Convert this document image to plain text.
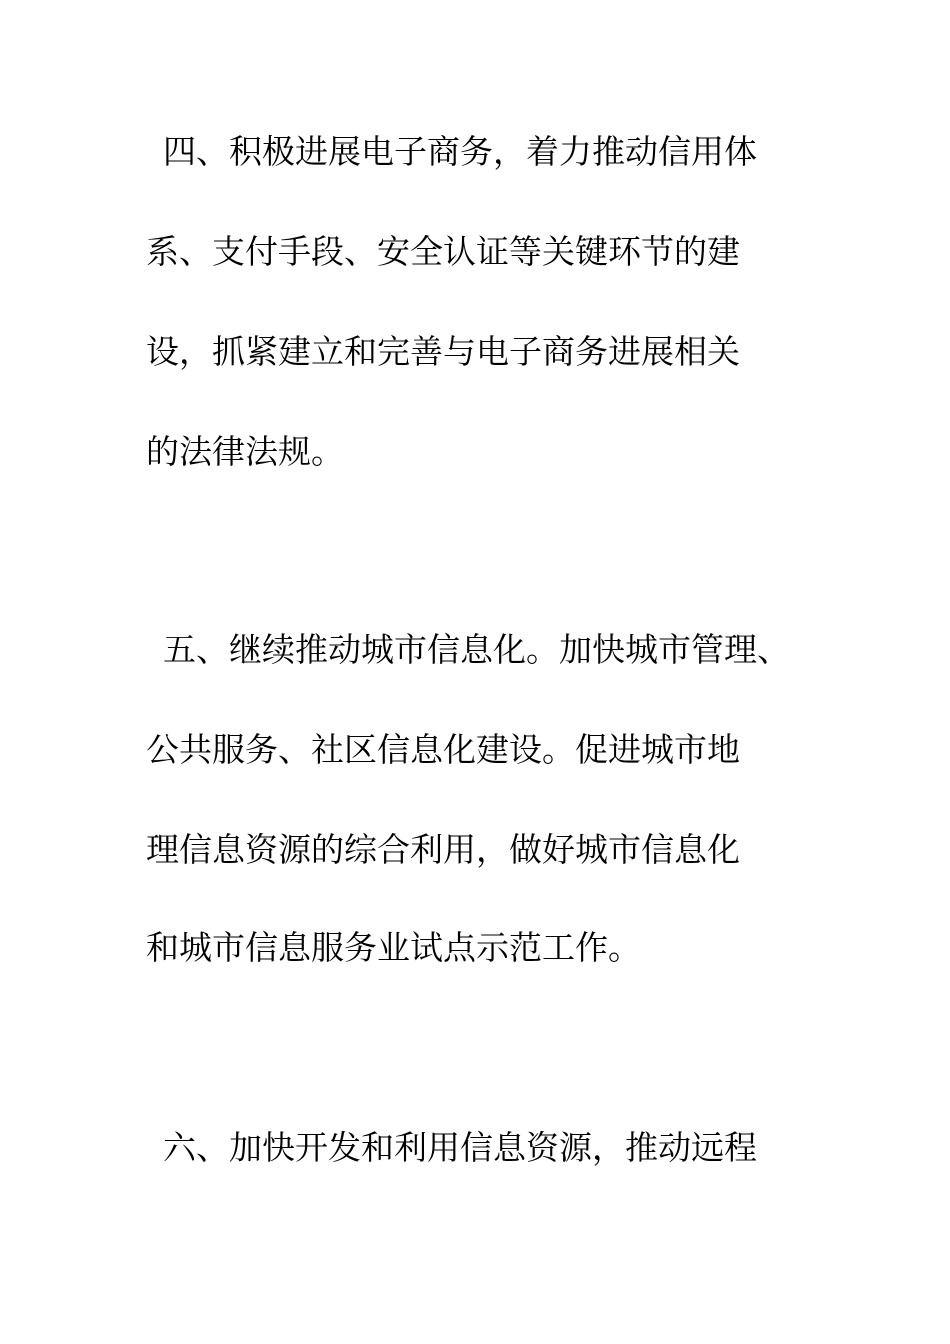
四、积极进展电子商务，着力推动信用体

系、支付手段、安全认证等关键环节的建

设，抓紧建立和完善与电子商务进展相关

的法律法规。

五、继续推动城市信息化。加快城市管理、

公共服务、社区信息化建设。促进城市地

理信息资源的综合利用，做好城市信息化

和城市信息服务业试点示范工作。

六、加快开发和利用信息资源，推动远程
